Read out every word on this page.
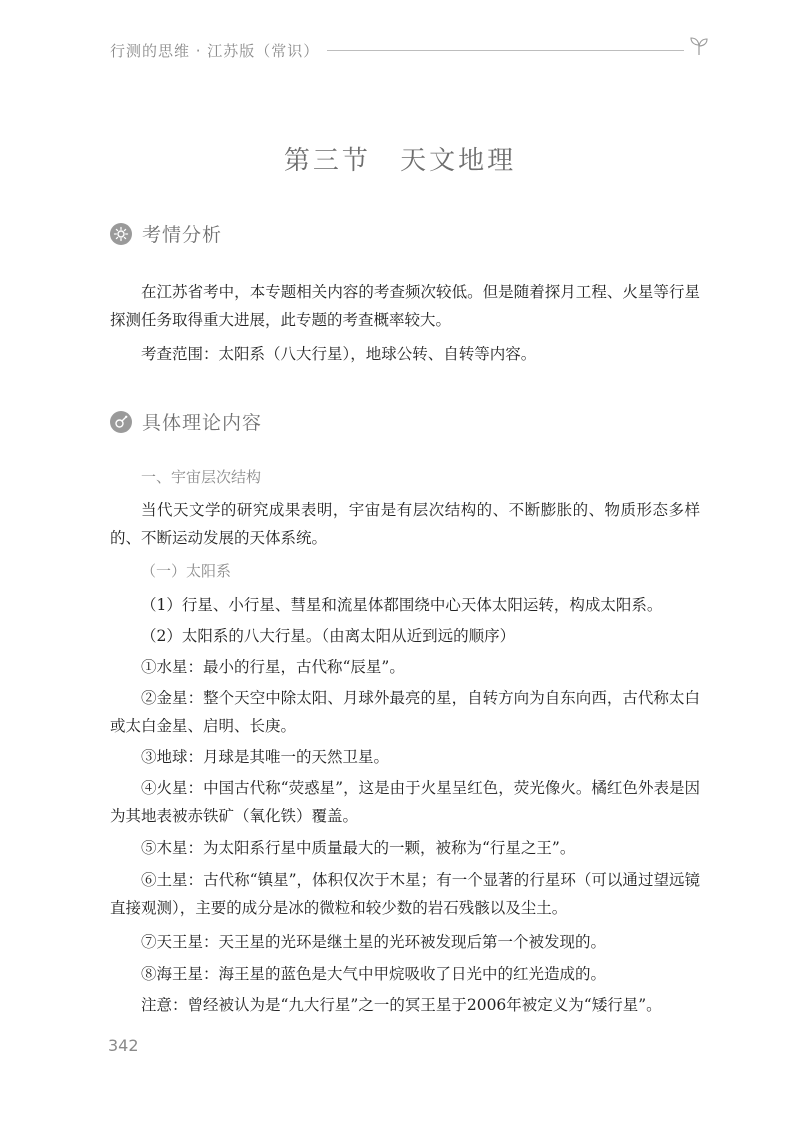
行测的思维 · 江苏版（常识）
第三节 天文地理
考情分析
在江苏省考中，本专题相关内容的考查频次较低。但是随着探月工程、火星等行星探测任务取得重大进展，此专题的考查概率较大。
考查范围：太阳系（八大行星），地球公转、自转等内容。
具体理论内容
一、宇宙层次结构
当代天文学的研究成果表明，宇宙是有层次结构的、不断膨胀的、物质形态多样的、不断运动发展的天体系统。
（一）太阳系
（1）行星、小行星、彗星和流星体都围绕中心天体太阳运转，构成太阳系。
（2）太阳系的八大行星。（由离太阳从近到远的顺序）
①水星：最小的行星，古代称“辰星”。
②金星：整个天空中除太阳、月球外最亮的星，自转方向为自东向西，古代称太白或太白金星、启明、长庚。
③地球：月球是其唯一的天然卫星。
④火星：中国古代称“荧惑星”，这是由于火星呈红色，荧光像火。橘红色外表是因为其地表被赤铁矿（氧化铁）覆盖。
⑤木星：为太阳系行星中质量最大的一颗，被称为“行星之王”。
⑥土星：古代称“镇星”，体积仅次于木星；有一个显著的行星环（可以通过望远镜直接观测），主要的成分是冰的微粒和较少数的岩石残骸以及尘土。
⑦天王星：天王星的光环是继土星的光环被发现后第一个被发现的。
⑧海王星：海王星的蓝色是大气中甲烷吸收了日光中的红光造成的。
注意：曾经被认为是“九大行星”之一的冥王星于2006年被定义为“矮行星”。
342
